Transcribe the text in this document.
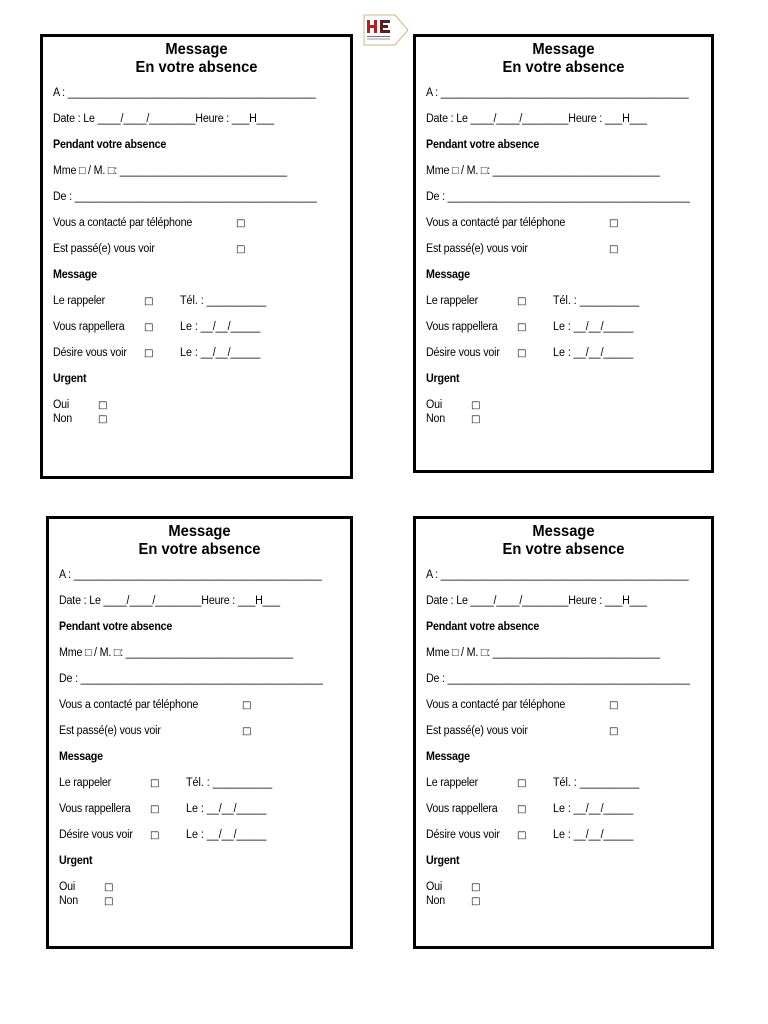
Message
En votre absence
A : ___________________________________________
Date : Le ____/____/________Heure : ___H___
Pendant votre absence
Mme □ / M. □: _____________________________
De : __________________________________________
Vous a contacté par téléphone	□
Est passé(e) vous voir	□
Message
Le rappeler	□ Tél. : __________
Vous rappellera □ Le : __/__/_____
Désire vous voir □ Le : __/__/_____
Urgent
Oui	□
Non	□
Message
En votre absence
A : ___________________________________________
Date : Le ____/____/________Heure : ___H___
Pendant votre absence
Mme □ / M. □: _____________________________
De : __________________________________________
Vous a contacté par téléphone	□
Est passé(e) vous voir	□
Message
Le rappeler	□ Tél. : __________
Vous rappellera □ Le : __/__/_____
Désire vous voir □ Le : __/__/_____
Urgent
Oui	□
Non	□
Message
En votre absence
A : ___________________________________________
Date : Le ____/____/________Heure : ___H___
Pendant votre absence
Mme □ / M. □: _____________________________
De : __________________________________________
Vous a contacté par téléphone	□
Est passé(e) vous voir	□
Message
Le rappeler	□ Tél. : __________
Vous rappellera □ Le : __/__/_____
Désire vous voir □ Le : __/__/_____
Urgent
Oui	□
Non	□
Message
En votre absence
A : ___________________________________________
Date : Le ____/____/________Heure : ___H___
Pendant votre absence
Mme □ / M. □: _____________________________
De : __________________________________________
Vous a contacté par téléphone	□
Est passé(e) vous voir	□
Message
Le rappeler	□ Tél. : __________
Vous rappellera □ Le : __/__/_____
Désire vous voir □ Le : __/__/_____
Urgent
Oui	□
Non	□
